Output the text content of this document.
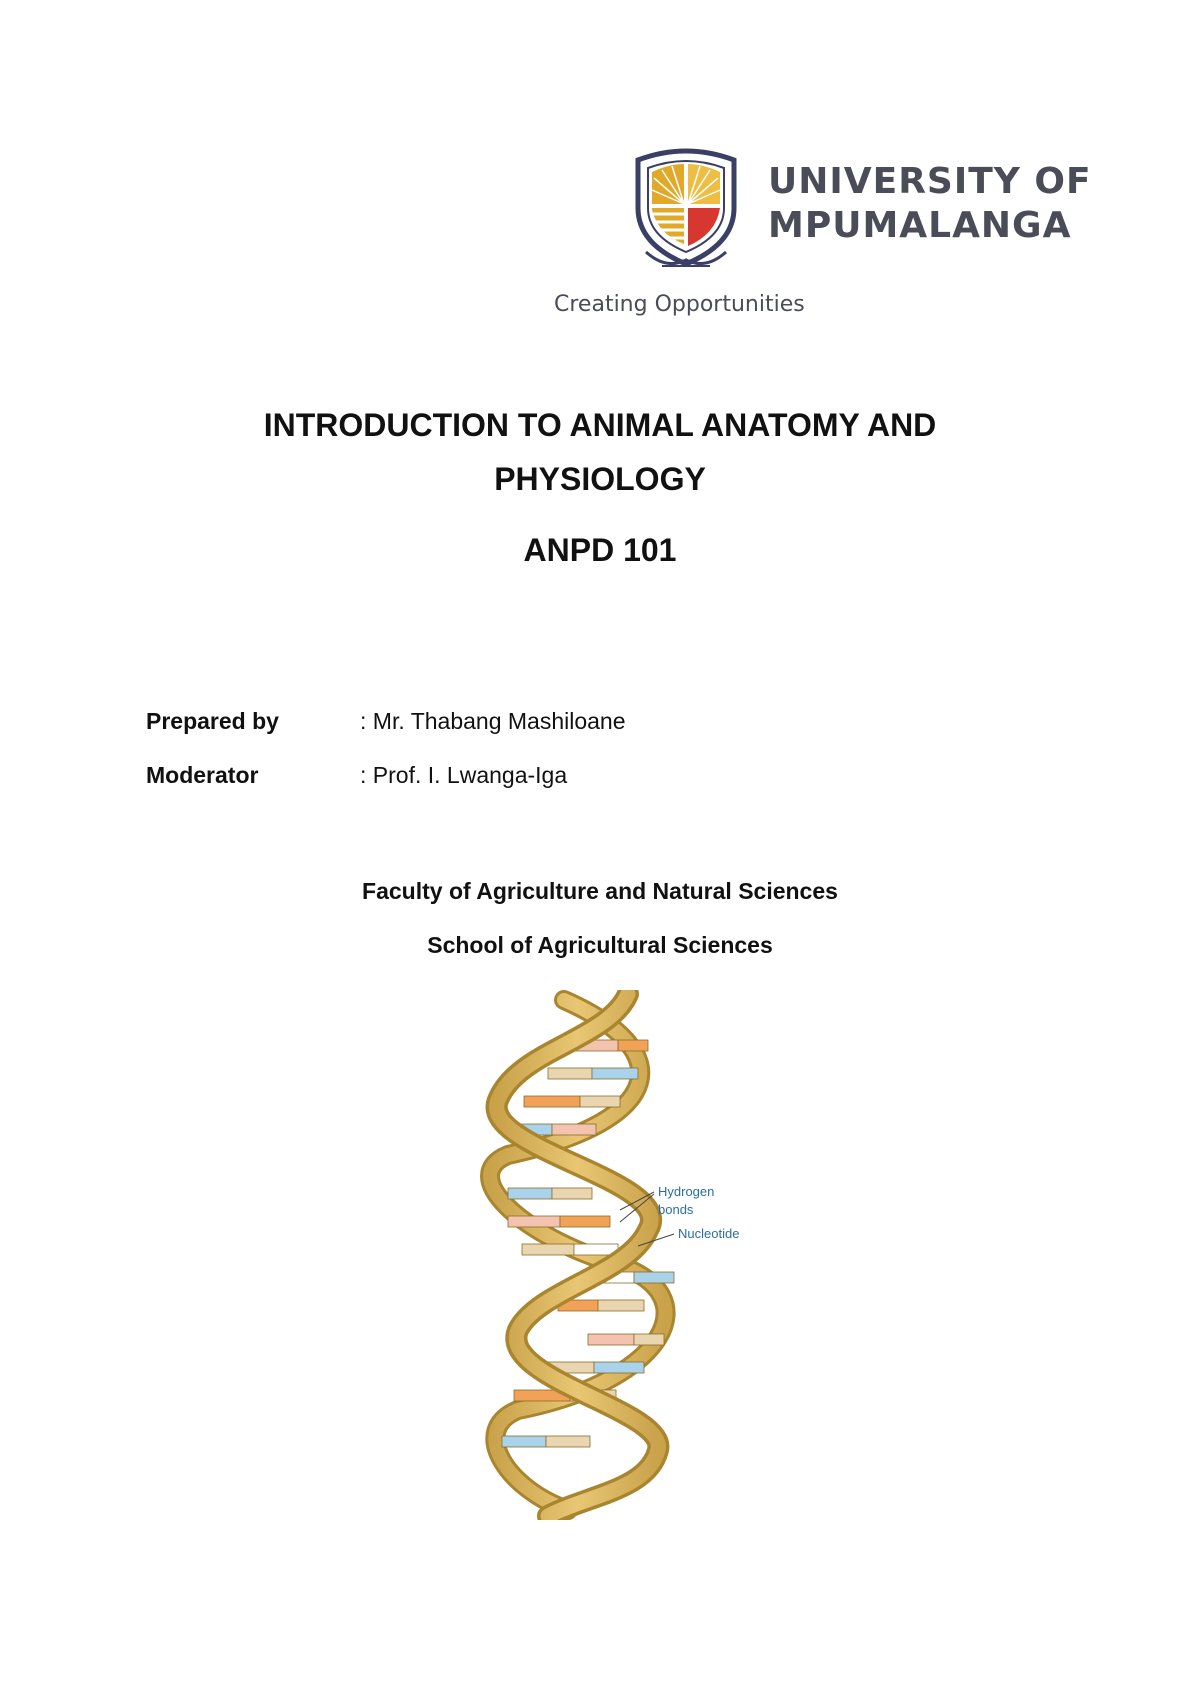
UNIVERSITY OF
MPUMALANGA
Creating Opportunities
INTRODUCTION TO ANIMAL ANATOMY AND
PHYSIOLOGY
ANPD 101
Prepared by	: Mr. Thabang Mashiloane
Moderator	: Prof. I. Lwanga-Iga
Faculty of Agriculture and Natural Sciences
School of Agricultural Sciences
Hydrogen
bonds
Nucleotide
